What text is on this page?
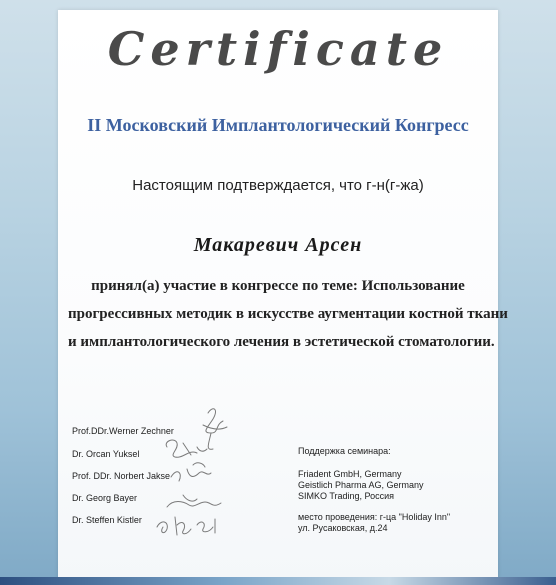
Certificate
II Московский Имплантологический Конгресс
Настоящим подтверждается, что г-н(г-жа)
Макаревич Арсен
принял(а) участие в конгрессе по теме: Использование
прогрессивных методик в искусстве аугментации костной ткани
и имплантологического лечения в эстетической стоматологии.
Prof.DDr.Werner Zechner
Dr. Orcan Yuksel
Prof. DDr. Norbert Jakse
Dr. Georg Bayer
Dr. Steffen Kistler
Поддержка семинара:
Friadent GmbH, Germany
Geistlich Pharma AG, Germany
SIMKO Trading, Россия
место проведения: г-ца "Holiday Inn"
ул. Русаковская, д.24
